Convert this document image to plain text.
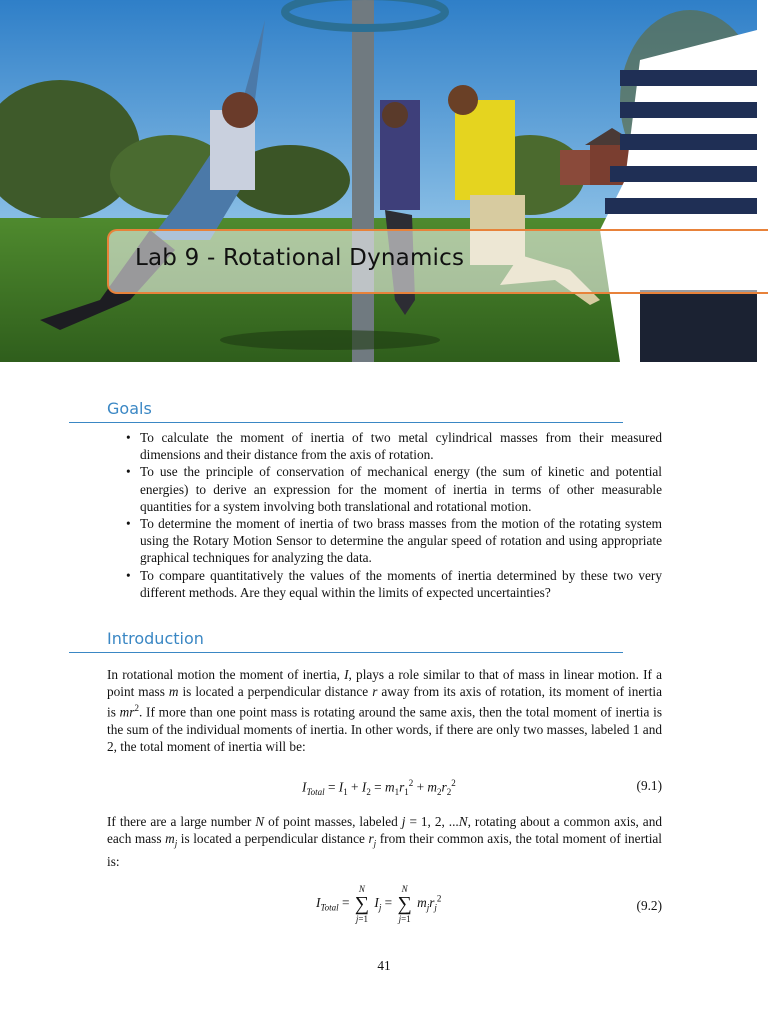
Lab 9 - Rotational Dynamics
Goals
• To calculate the moment of inertia of two metal cylindrical masses from their measured dimensions and their distance from the axis of rotation.
• To use the principle of conservation of mechanical energy (the sum of kinetic and potential energies) to derive an expression for the moment of inertia in terms of other measurable quantities for a system involving both translational and rotational motion.
• To determine the moment of inertia of two brass masses from the motion of the rotating system using the Rotary Motion Sensor to determine the angular speed of rotation and using appropriate graphical techniques for analyzing the data.
• To compare quantitatively the values of the moments of inertia determined by these two very different methods. Are they equal within the limits of expected uncertainties?
Introduction
In rotational motion the moment of inertia, I, plays a role similar to that of mass in linear motion. If a point mass m is located a perpendicular distance r away from its axis of rotation, its moment of inertia is $mr^2$. If more than one point mass is rotating around the same axis, then the total moment of inertia is the sum of the individual moments of inertia. In other words, if there are only two masses, labeled 1 and 2, the total moment of inertia will be:
$I_{Total} = I_1 + I_2 = m_1r_1^2 + m_2r_2^2$	(9.1)
If there are a large number N of point masses, labeled j = 1, 2, ...N, rotating about a common axis, and each mass $m_j$ is located a perpendicular distance $r_j$ from their common axis, the total moment of inertial is:
$I_{Total}$ =
N
∑
j=1
$I_j$ =
N
∑
j=1
$m_jr_j^2$	(9.2)
41
